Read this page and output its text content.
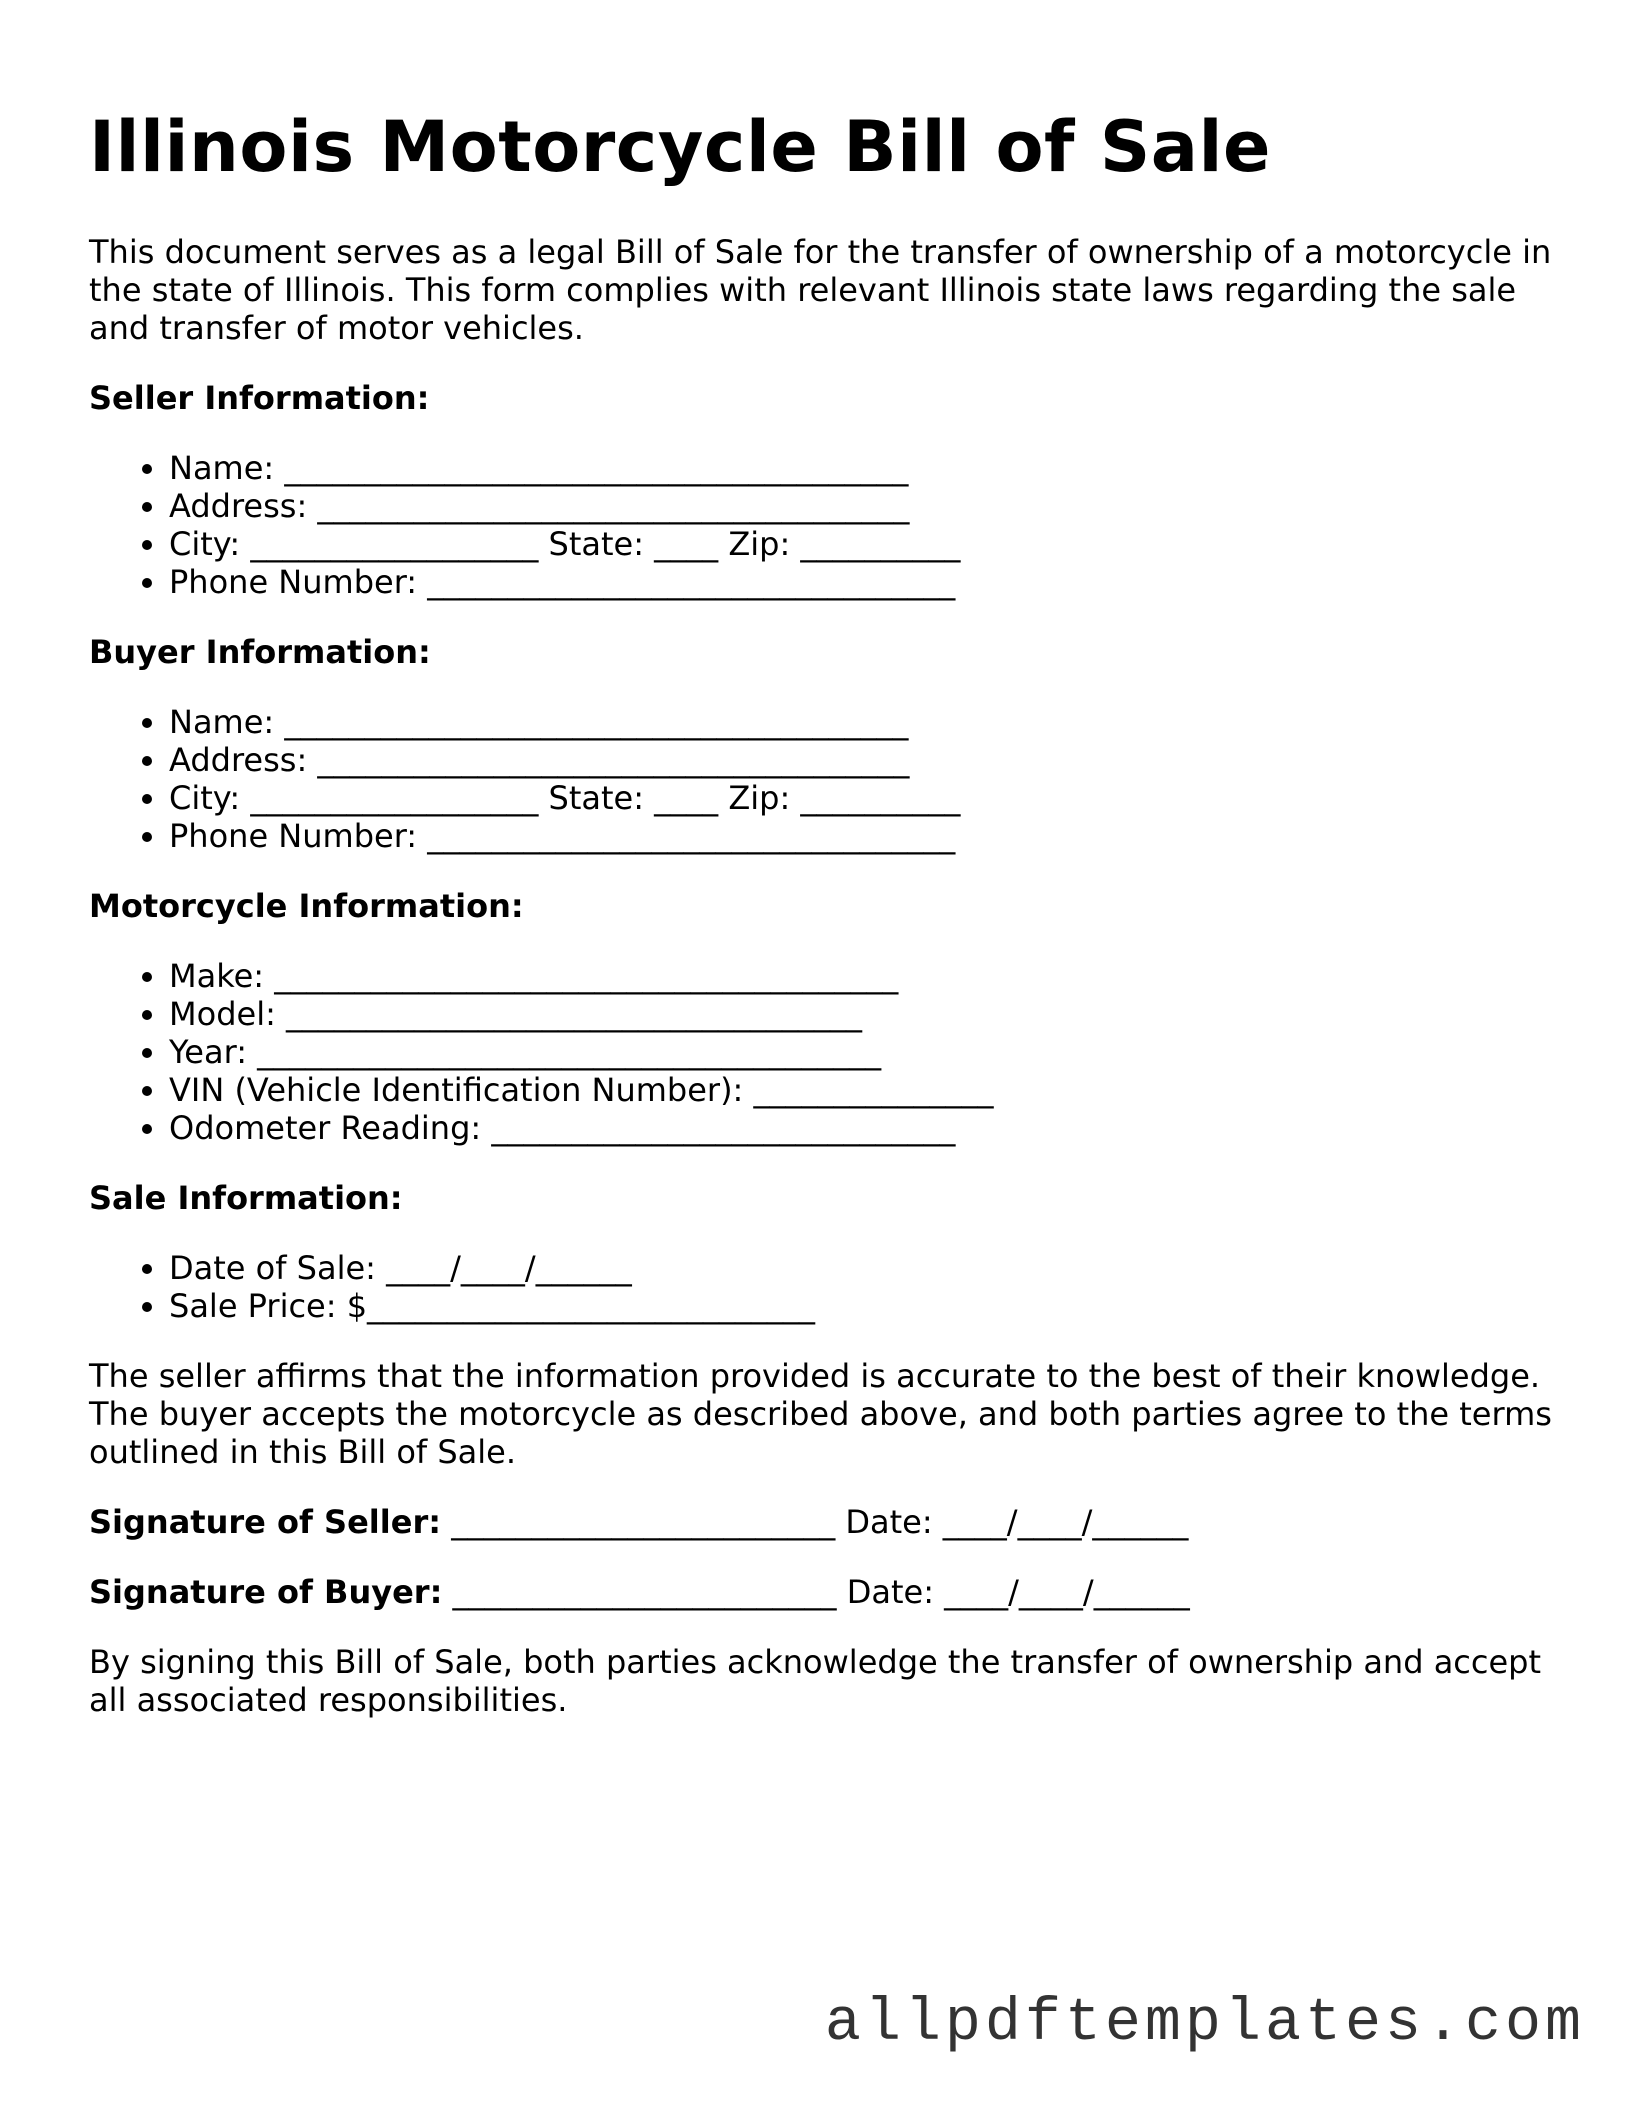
Illinois Motorcycle Bill of Sale

This document serves as a legal Bill of Sale for the transfer of ownership of a motorcycle in the state of Illinois. This form complies with relevant Illinois state laws regarding the sale and transfer of motor vehicles.

Seller Information:
• Name: _______________________________________
• Address: _____________________________________
• City: __________________ State: ____ Zip: __________
• Phone Number: _________________________________
Buyer Information:
• Name: _______________________________________
• Address: _____________________________________
• City: __________________ State: ____ Zip: __________
• Phone Number: _________________________________
Motorcycle Information:
• Make: _______________________________________
• Model: ____________________________________
• Year: _______________________________________
• VIN (Vehicle Identification Number): _______________
• Odometer Reading: _____________________________
Sale Information:
• Date of Sale: ____/____/______
• Sale Price: $____________________________

The seller affirms that the information provided is accurate to the best of their knowledge. The buyer accepts the motorcycle as described above, and both parties agree to the terms outlined in this Bill of Sale.

Signature of Seller: ________________________ Date: ____/____/______
Signature of Buyer: ________________________ Date: ____/____/______

By signing this Bill of Sale, both parties acknowledge the transfer of ownership and accept all associated responsibilities.

allpdftemplates.com
